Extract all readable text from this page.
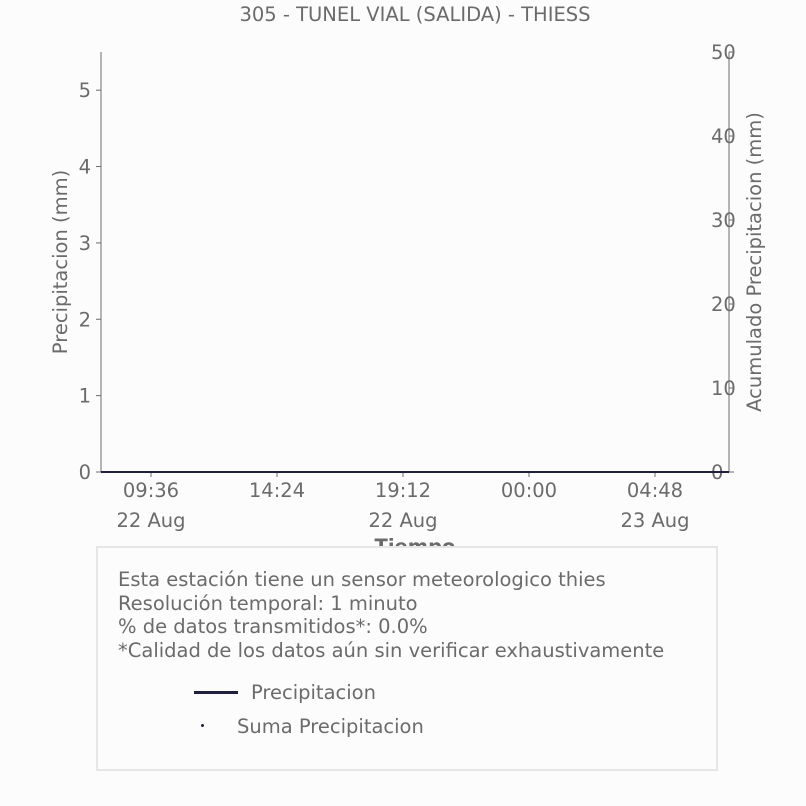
305 - TUNEL VIAL (SALIDA) - THIESS
Precipitacion (mm)	Acumulado Precipitacion (mm)
0
1
2
3
4
5
0
10
20
30
40
50
09:36
22 Aug
14:24	19:12
22 Aug
00:00	04:48
23 Aug
Esta estación tiene un sensor meteorologico thies
Resolución temporal: 1 minuto
% de datos transmitidos*: 0.0%
*Calidad de los datos aún sin verificar exhaustivamente
Precipitacion
Suma Precipitacion
